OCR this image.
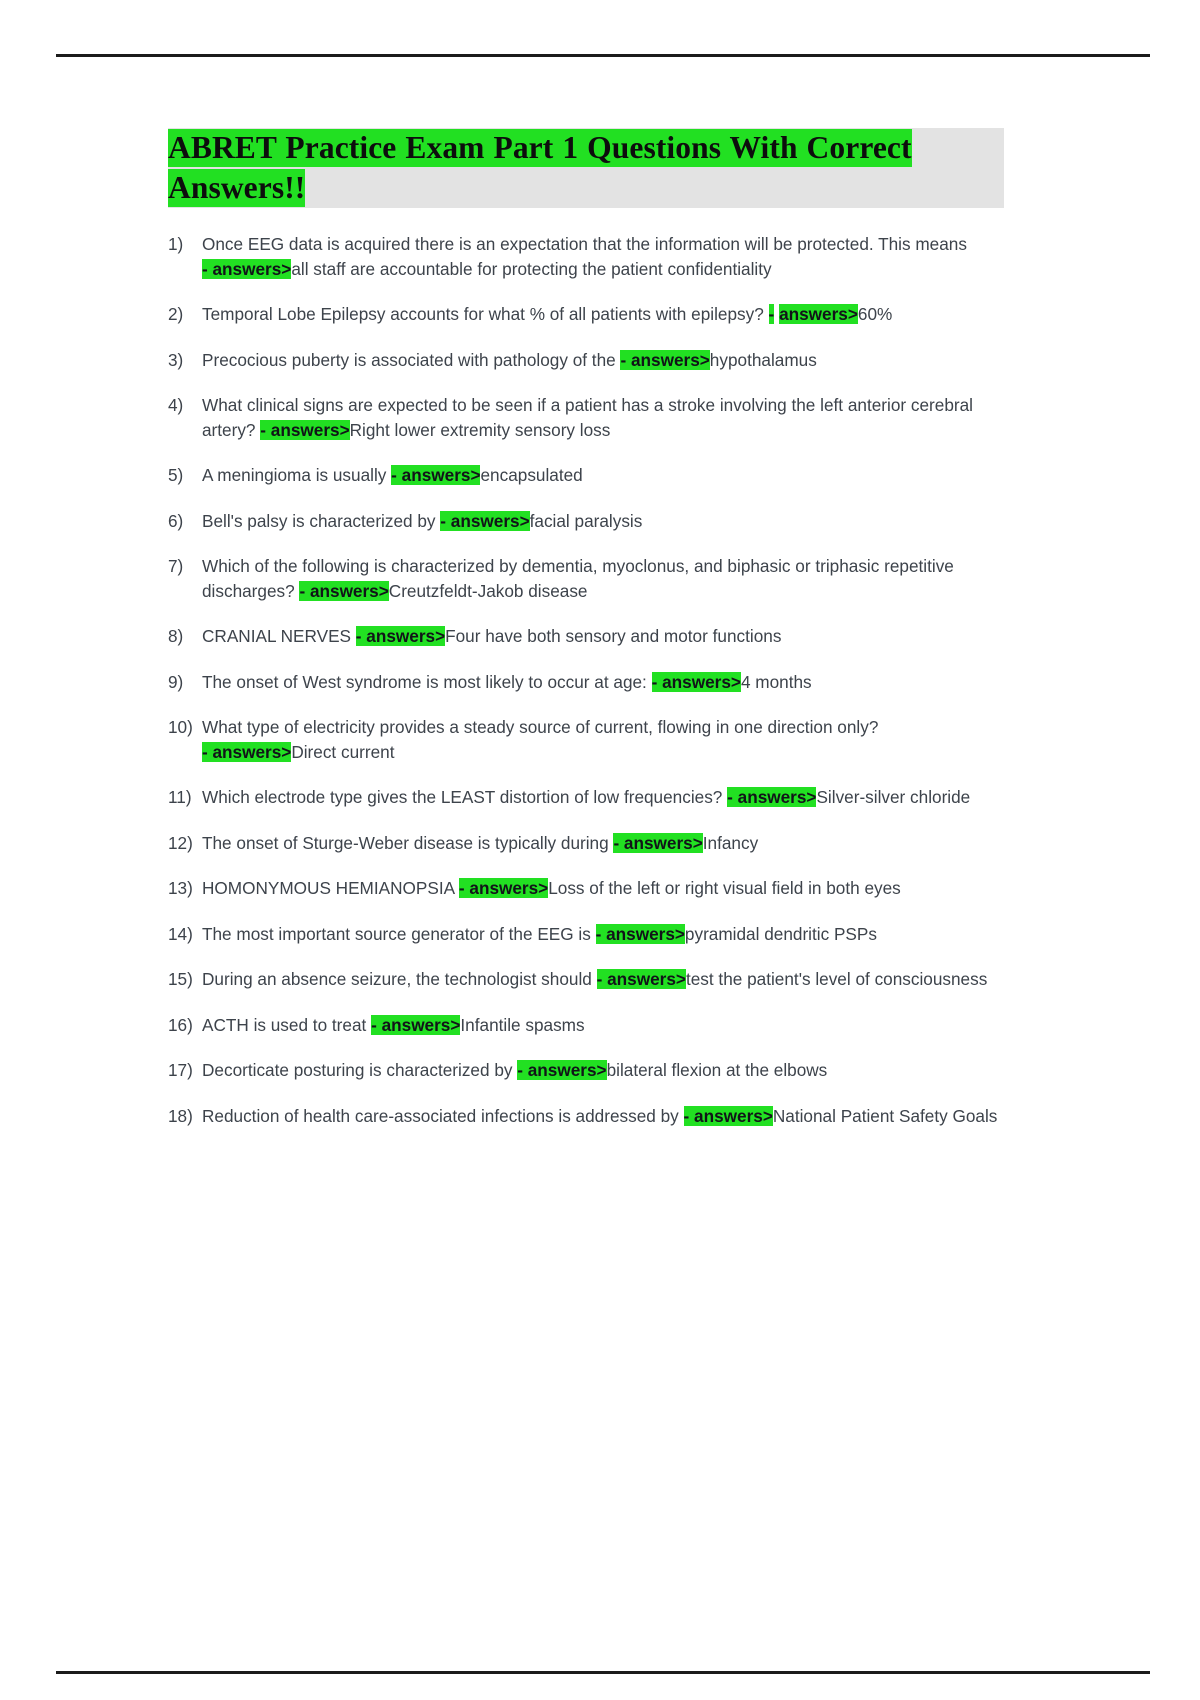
ABRET Practice Exam Part 1 Questions With Correct
Answers!!
1)	Once EEG data is acquired there is an expectation that the information will be protected. This means - answers>all staff are accountable for protecting the patient confidentiality
2)	Temporal Lobe Epilepsy accounts for what % of all patients with epilepsy? - answers>60%
3)	Precocious puberty is associated with pathology of the - answers>hypothalamus
4)	What clinical signs are expected to be seen if a patient has a stroke involving the left anterior cerebral artery? - answers>Right lower extremity sensory loss
5)	A meningioma is usually - answers>encapsulated
6)	Bell's palsy is characterized by - answers>facial paralysis
7)	Which of the following is characterized by dementia, myoclonus, and biphasic or triphasic repetitive discharges? - answers>Creutzfeldt-Jakob disease
8)	CRANIAL NERVES - answers>Four have both sensory and motor functions
9)	The onset of West syndrome is most likely to occur at age: - answers>4 months
10) What type of electricity provides a steady source of current, flowing in one direction only? - answers>Direct current
11) Which electrode type gives the LEAST distortion of low frequencies? - answers>Silver-silver chloride
12) The onset of Sturge-Weber disease is typically during - answers>Infancy
13) HOMONYMOUS HEMIANOPSIA - answers>Loss of the left or right visual field in both eyes
14) The most important source generator of the EEG is - answers>pyramidal dendritic PSPs
15) During an absence seizure, the technologist should - answers>test the patient's level of consciousness
16) ACTH is used to treat - answers>Infantile spasms
17) Decorticate posturing is characterized by - answers>bilateral flexion at the elbows
18) Reduction of health care-associated infections is addressed by - answers>National Patient Safety Goals
